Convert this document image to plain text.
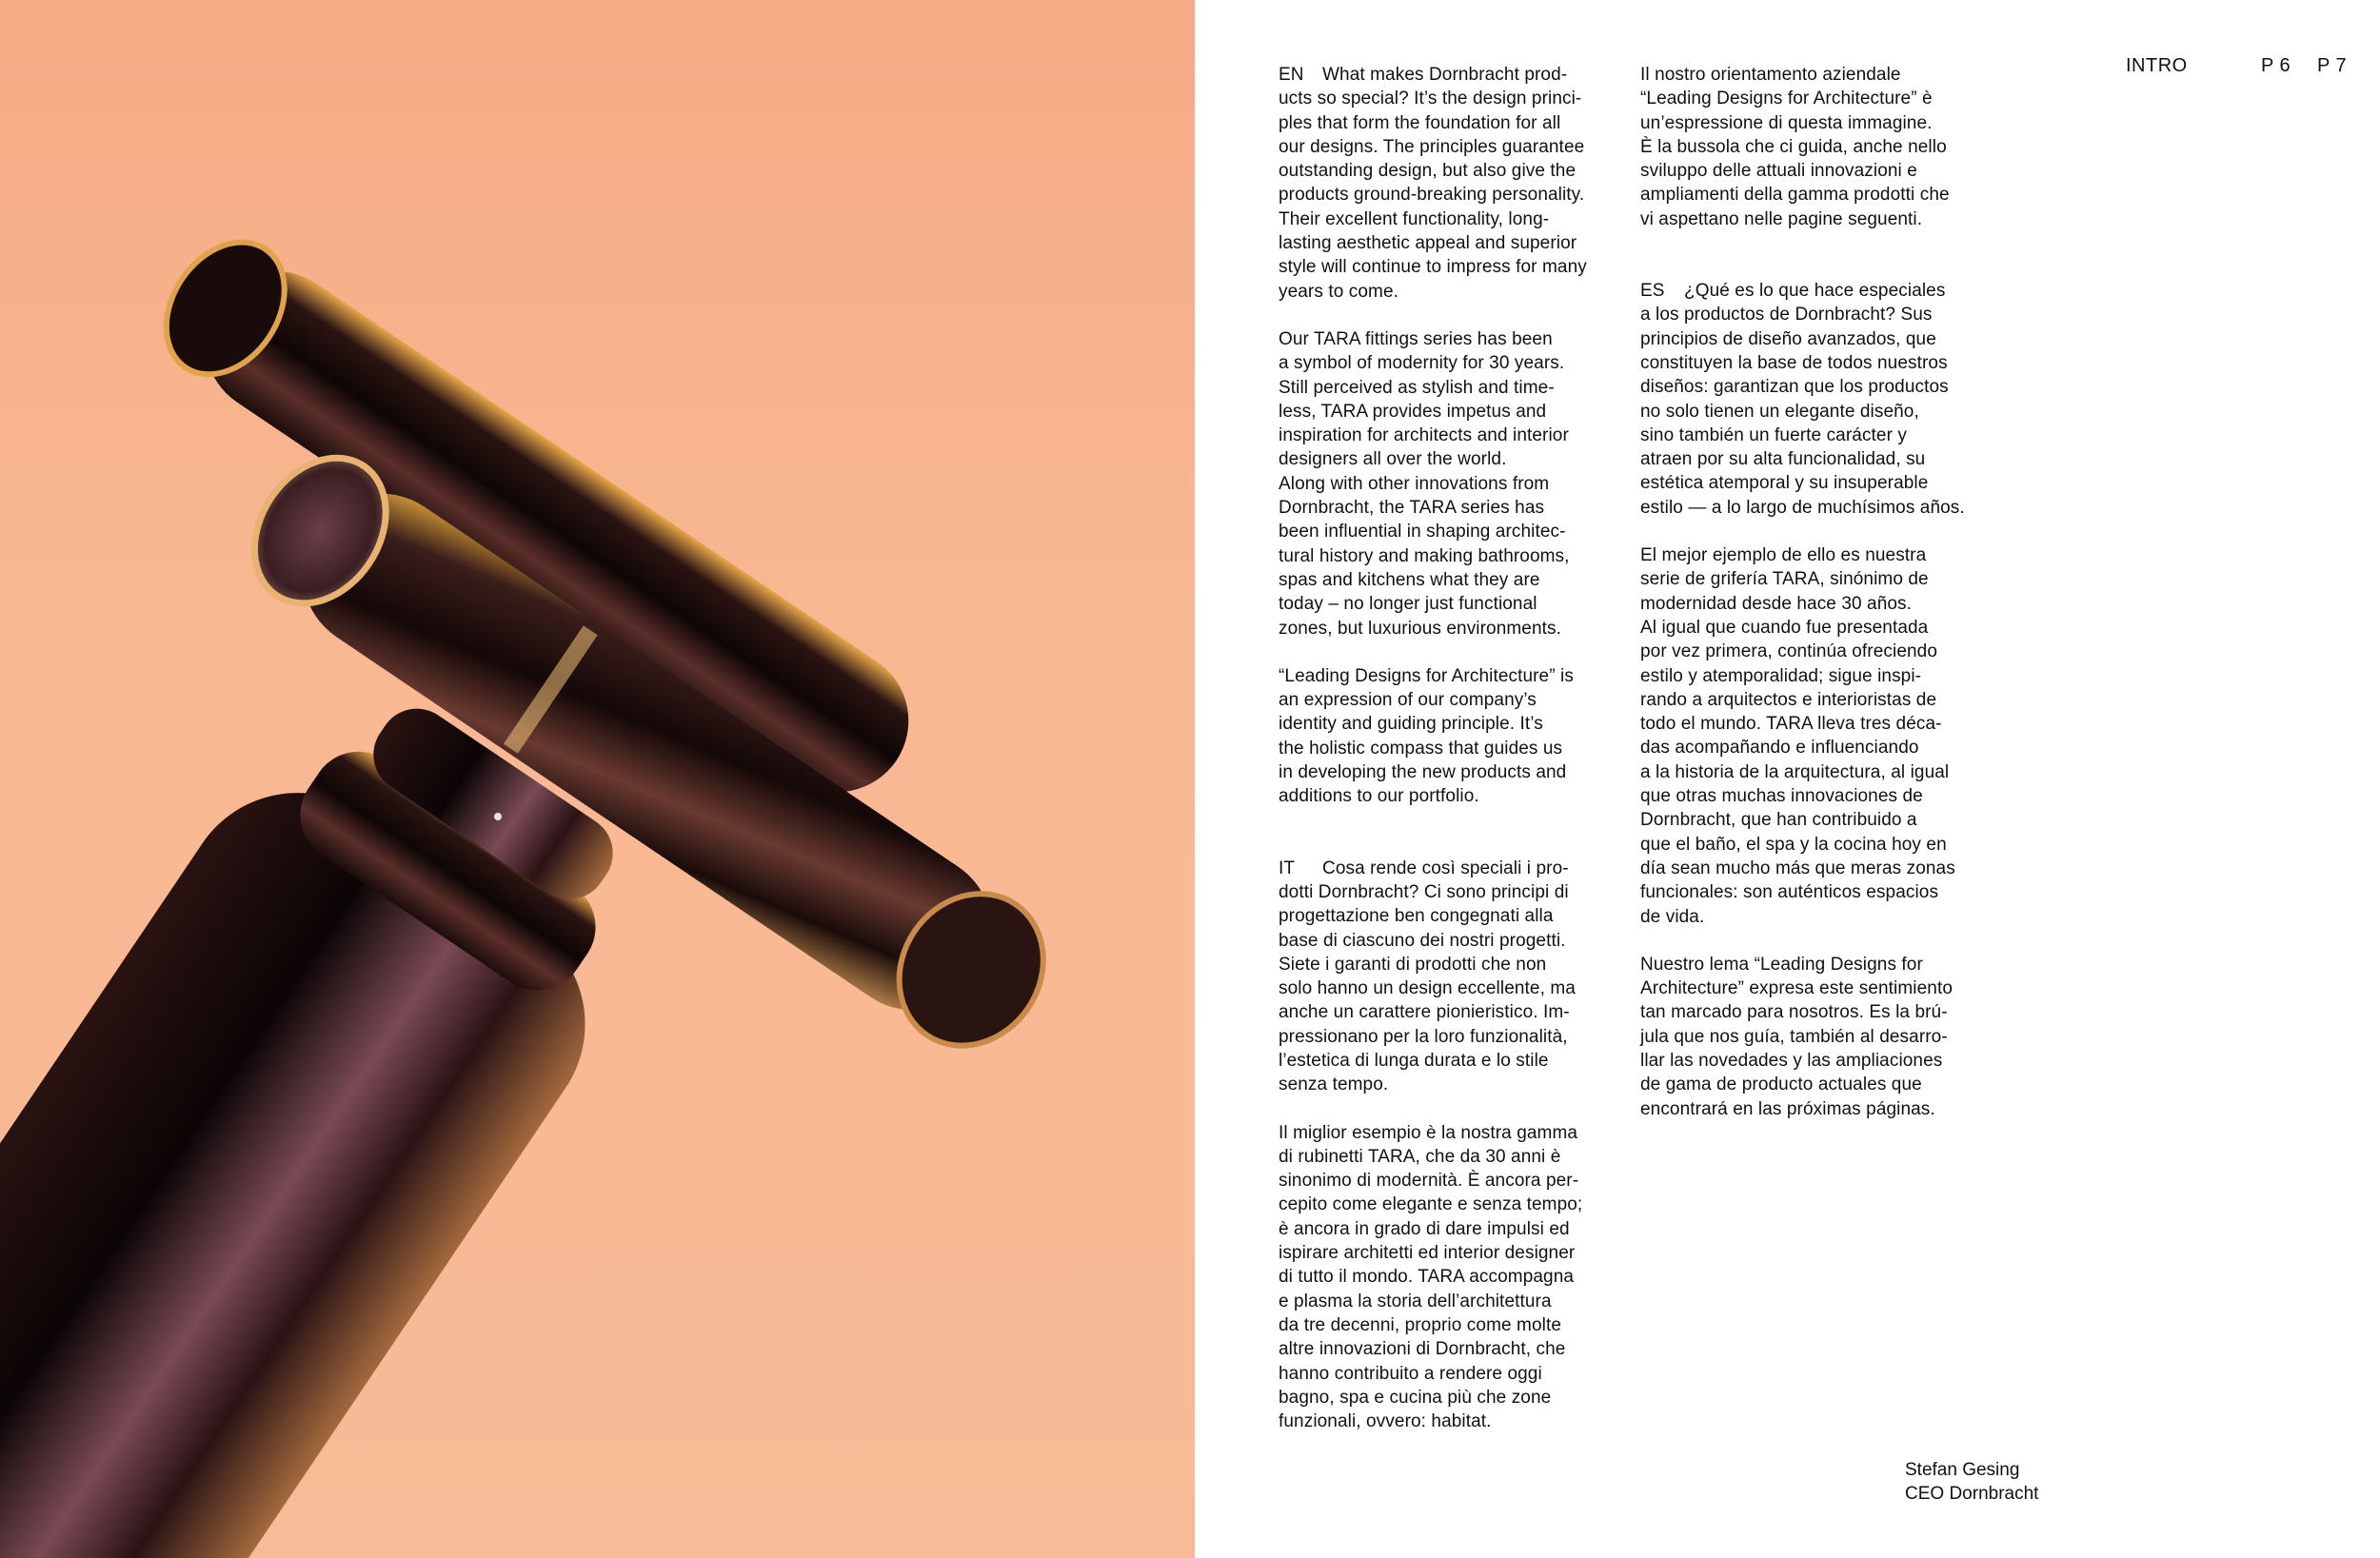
INTRO	P 6 P 7

EN What makes Dornbracht prod-
ucts so special? It’s the design princi-
ples that form the foundation for all
our designs. The principles guarantee
outstanding design, but also give the
products ground-breaking personality.
Their excellent functionality, long-
lasting aesthetic appeal and superior
style will continue to impress for many
years to come.

Our TARA fittings series has been
a symbol of modernity for 30 years.
Still perceived as stylish and time-
less, TARA provides impetus and
inspiration for architects and interior
designers all over the world.
Along with other innovations from
Dornbracht, the TARA series has
been influential in shaping architec-
tural history and making bathrooms,
spas and kitchens what they are
today – no longer just functional
zones, but luxurious environments.

“Leading Designs for Architecture” is
an expression of our company’s
identity and guiding principle. It’s
the holistic compass that guides us
in developing the new products and
additions to our portfolio.

IT Cosa rende così speciali i pro-
dotti Dornbracht? Ci sono principi di
progettazione ben congegnati alla
base di ciascuno dei nostri progetti.
Siete i garanti di prodotti che non
solo hanno un design eccellente, ma
anche un carattere pionieristico. Im-
pressionano per la loro funzionalità,
l’estetica di lunga durata e lo stile
senza tempo.

Il miglior esempio è la nostra gamma
di rubinetti TARA, che da 30 anni è
sinonimo di modernità. È ancora per-
cepito come elegante e senza tempo;
è ancora in grado di dare impulsi ed
ispirare architetti ed interior designer
di tutto il mondo. TARA accompagna
e plasma la storia dell’architettura
da tre decenni, proprio come molte
altre innovazioni di Dornbracht, che
hanno contribuito a rendere oggi
bagno, spa e cucina più che zone
funzionali, ovvero: habitat.

Il nostro orientamento aziendale
“Leading Designs for Architecture” è
un’espressione di questa immagine.
È la bussola che ci guida, anche nello
sviluppo delle attuali innovazioni e
ampliamenti della gamma prodotti che
vi aspettano nelle pagine seguenti.

ES ¿Qué es lo que hace especiales
a los productos de Dornbracht? Sus
principios de diseño avanzados, que
constituyen la base de todos nuestros
diseños: garantizan que los productos
no solo tienen un elegante diseño,
sino también un fuerte carácter y
atraen por su alta funcionalidad, su
estética atemporal y su insuperable
estilo — a lo largo de muchísimos años.

El mejor ejemplo de ello es nuestra
serie de grifería TARA, sinónimo de
modernidad desde hace 30 años.
Al igual que cuando fue presentada
por vez primera, continúa ofreciendo
estilo y atemporalidad; sigue inspi-
rando a arquitectos e interioristas de
todo el mundo. TARA lleva tres déca-
das acompañando e influenciando
a la historia de la arquitectura, al igual
que otras muchas innovaciones de
Dornbracht, que han contribuido a
que el baño, el spa y la cocina hoy en
día sean mucho más que meras zonas
funcionales: son auténticos espacios
de vida.

Nuestro lema “Leading Designs for
Architecture” expresa este sentimiento
tan marcado para nosotros. Es la brú-
jula que nos guía, también al desarro-
llar las novedades y las ampliaciones
de gama de producto actuales que
encontrará en las próximas páginas.

Stefan Gesing
CEO Dornbracht
